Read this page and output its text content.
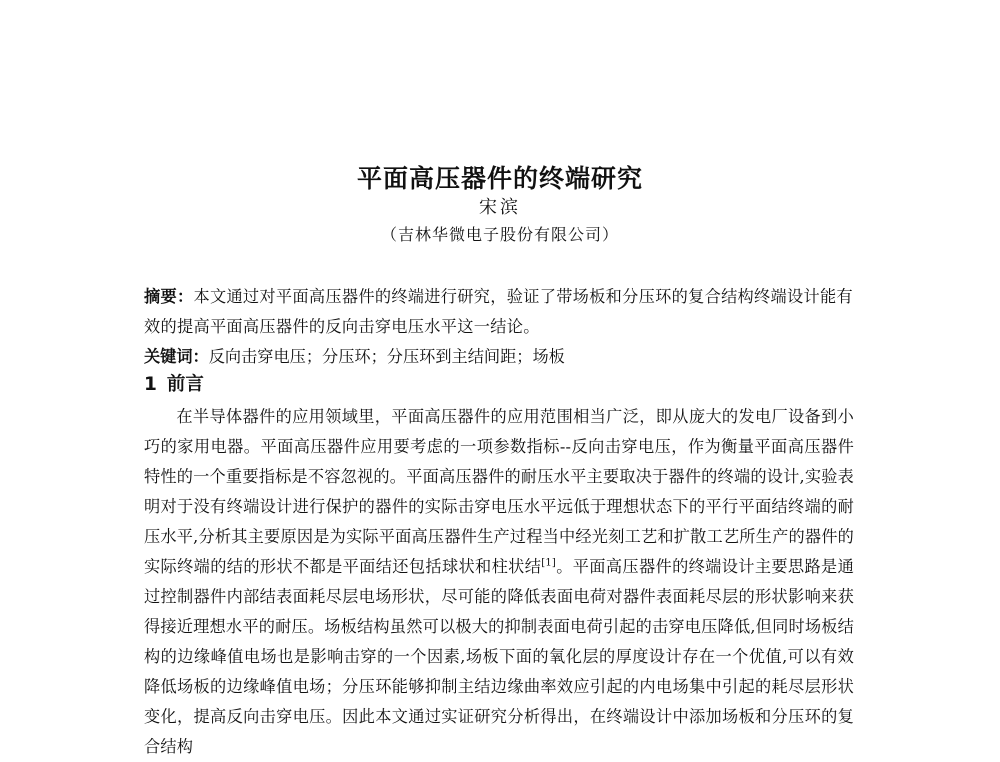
平面高压器件的终端研究
宋滨
（吉林华微电子股份有限公司）

摘要：本文通过对平面高压器件的终端进行研究，验证了带场板和分压环的复合结构终端设计能有效的提高平面高压器件的反向击穿电压水平这一结论。

关键词：反向击穿电压；分压环；分压环到主结间距；场板

1 前言

在半导体器件的应用领域里，平面高压器件的应用范围相当广泛，即从庞大的发电厂设备到小巧的家用电器。平面高压器件应用要考虑的一项参数指标--反向击穿电压，作为衡量平面高压器件特性的一个重要指标是不容忽视的。平面高压器件的耐压水平主要取决于器件的终端的设计,实验表明对于没有终端设计进行保护的器件的实际击穿电压水平远低于理想状态下的平行平面结终端的耐压水平,分析其主要原因是为实际平面高压器件生产过程当中经光刻工艺和扩散工艺所生产的器件的实际终端的结的形状不都是平面结还包括球状和柱状结[1]。平面高压器件的终端设计主要思路是通过控制器件内部结表面耗尽层电场形状，尽可能的降低表面电荷对器件表面耗尽层的形状影响来获得接近理想水平的耐压。场板结构虽然可以极大的抑制表面电荷引起的击穿电压降低,但同时场板结构的边缘峰值电场也是影响击穿的一个因素,场板下面的氧化层的厚度设计存在一个优值,可以有效降低场板的边缘峰值电场；分压环能够抑制主结边缘曲率效应引起的内电场集中引起的耗尽层形状变化，提高反向击穿电压。因此本文通过实证研究分析得出，在终端设计中添加场板和分压环的复合结构
